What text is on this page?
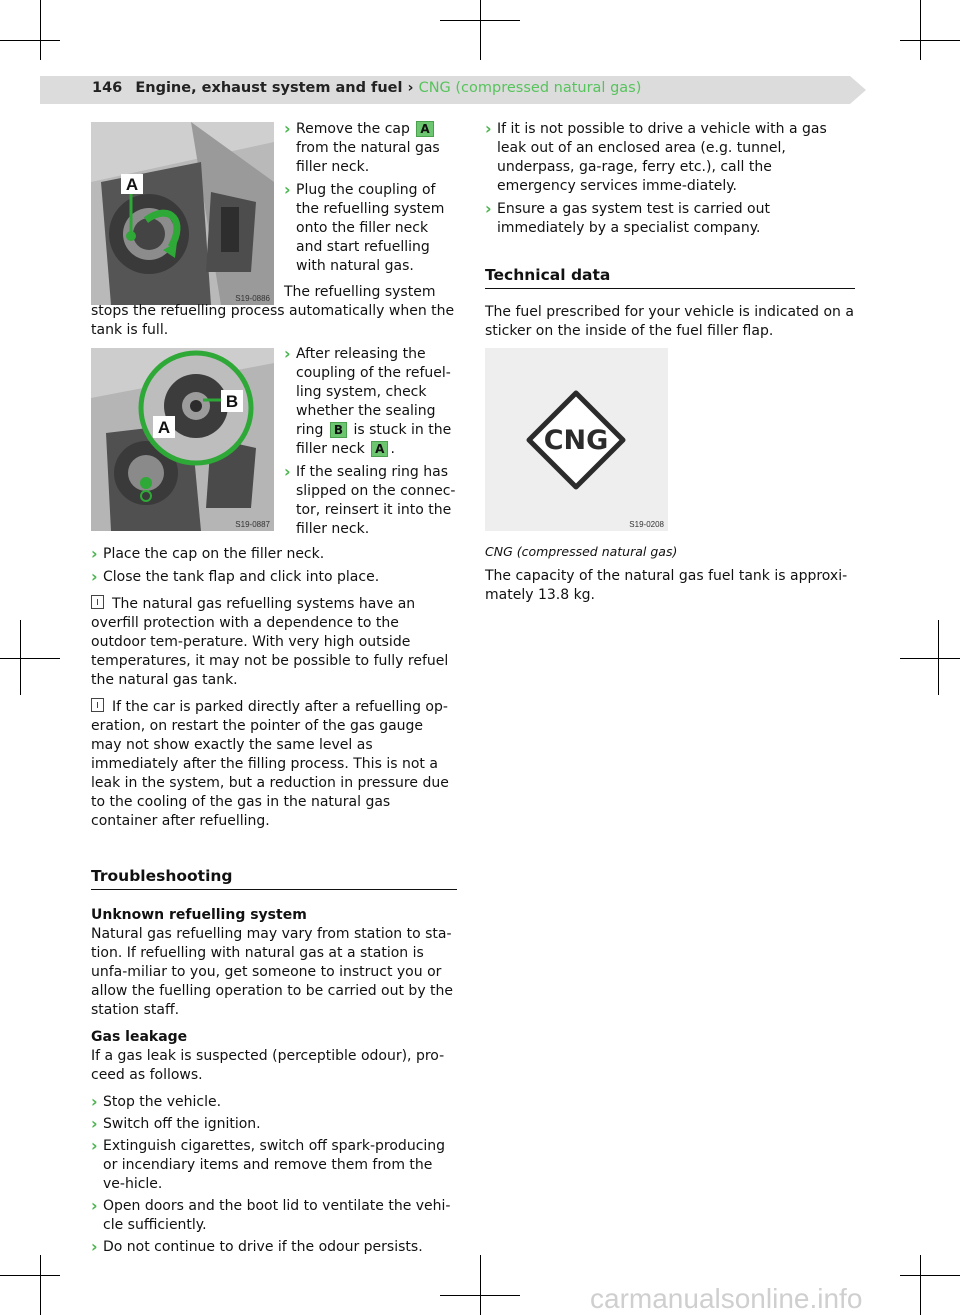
146 Engine, exhaust system and fuel › CNG (compressed natural gas)
A
S19-0886
› Remove the cap A from the natural gas filler neck.
› Plug the coupling of the refuelling system onto the filler neck and start refuelling with natural gas.

The refuelling system stops the refuelling process automatically when the tank is full.

B
A
S19-0887
› After releasing the coupling of the refuel-ling system, check whether the sealing ring B is stuck in the filler neck A .
› If the sealing ring has slipped on the connec-tor, reinsert it into the filler neck.
› Place the cap on the filler neck.
› Close the tank flap and click into place.

The natural gas refuelling systems have an overfill protection with a dependence to the outdoor tem-perature. With very high outside temperatures, it may not be possible to fully refuel the natural gas tank.

If the car is parked directly after a refuelling op-eration, on restart the pointer of the gas gauge may not show exactly the same level as immediately after the filling process. This is not a leak in the system, but a reduction in pressure due to the cooling of the gas in the natural gas container after refuelling.

Troubleshooting

Unknown refuelling system

Natural gas refuelling may vary from station to sta-tion. If refuelling with natural gas at a station is unfa-miliar to you, get someone to instruct you or allow the fuelling operation to be carried out by the station staff.

Gas leakage

If a gas leak is suspected (perceptible odour), pro-ceed as follows.

› Stop the vehicle.
› Switch off the ignition.
› Extinguish cigarettes, switch off spark-producing or incendiary items and remove them from the ve-hicle.
› Open doors and the boot lid to ventilate the vehi-cle sufficiently.
› Do not continue to drive if the odour persists.
› If it is not possible to drive a vehicle with a gas leak out of an enclosed area (e.g. tunnel, underpass, ga-rage, ferry etc.), call the emergency services imme-diately.
› Ensure a gas system test is carried out immediately by a specialist company.
Technical data

The fuel prescribed for your vehicle is indicated on a sticker on the inside of the fuel filler flap.

CNG
S19-0208

CNG (compressed natural gas)

The capacity of the natural gas fuel tank is approxi-mately 13.8 kg.

carmanualsonline.info
